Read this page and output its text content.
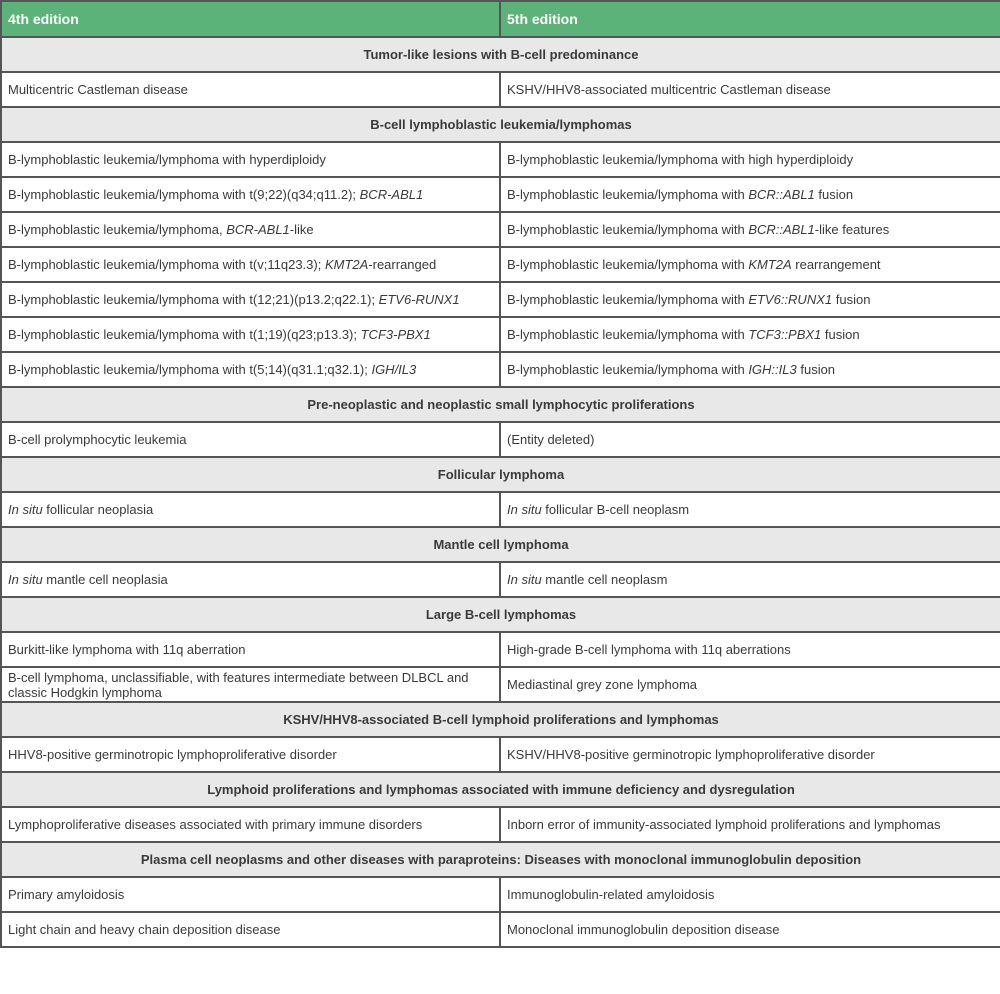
4th edition	5th edition
Tumor-like lesions with B-cell predominance	
Multicentric Castleman disease	KSHV/HHV8-associated multicentric Castleman disease
B-cell lymphoblastic leukemia/lymphomas	
B-lymphoblastic leukemia/lymphoma with hyperdiploidy	B-lymphoblastic leukemia/lymphoma with high hyperdiploidy
B-lymphoblastic leukemia/lymphoma with t(9;22)(q34;q11.2); BCR-ABL1	B-lymphoblastic leukemia/lymphoma with BCR::ABL1 fusion
B-lymphoblastic leukemia/lymphoma, BCR-ABL1-like	B-lymphoblastic leukemia/lymphoma with BCR::ABL1-like features
B-lymphoblastic leukemia/lymphoma with t(v;11q23.3); KMT2A-rearranged	B-lymphoblastic leukemia/lymphoma with KMT2A rearrangement
B-lymphoblastic leukemia/lymphoma with t(12;21)(p13.2;q22.1); ETV6-RUNX1	B-lymphoblastic leukemia/lymphoma with ETV6::RUNX1 fusion
B-lymphoblastic leukemia/lymphoma with t(1;19)(q23;p13.3); TCF3-PBX1	B-lymphoblastic leukemia/lymphoma with TCF3::PBX1 fusion
B-lymphoblastic leukemia/lymphoma with t(5;14)(q31.1;q32.1); IGH/IL3	B-lymphoblastic leukemia/lymphoma with IGH::IL3 fusion
Pre-neoplastic and neoplastic small lymphocytic proliferations	
B-cell prolymphocytic leukemia	(Entity deleted)
Follicular lymphoma	
In situ follicular neoplasia	In situ follicular B-cell neoplasm
Mantle cell lymphoma	
In situ mantle cell neoplasia	In situ mantle cell neoplasm
Large B-cell lymphomas	
Burkitt-like lymphoma with 11q aberration	High-grade B-cell lymphoma with 11q aberrations
B-cell lymphoma, unclassifiable, with features intermediate between DLBCL and classic Hodgkin lymphoma	Mediastinal grey zone lymphoma
KSHV/HHV8-associated B-cell lymphoid proliferations and lymphomas	
HHV8-positive germinotropic lymphoproliferative disorder	KSHV/HHV8-positive germinotropic lymphoproliferative disorder
Lymphoid proliferations and lymphomas associated with immune deficiency and dysregulation	
Lymphoproliferative diseases associated with primary immune disorders	Inborn error of immunity-associated lymphoid proliferations and lymphomas
Plasma cell neoplasms and other diseases with paraproteins: Diseases with monoclonal immunoglobulin deposition	
Primary amyloidosis	Immunoglobulin-related amyloidosis
Light chain and heavy chain deposition disease	Monoclonal immunoglobulin deposition disease
